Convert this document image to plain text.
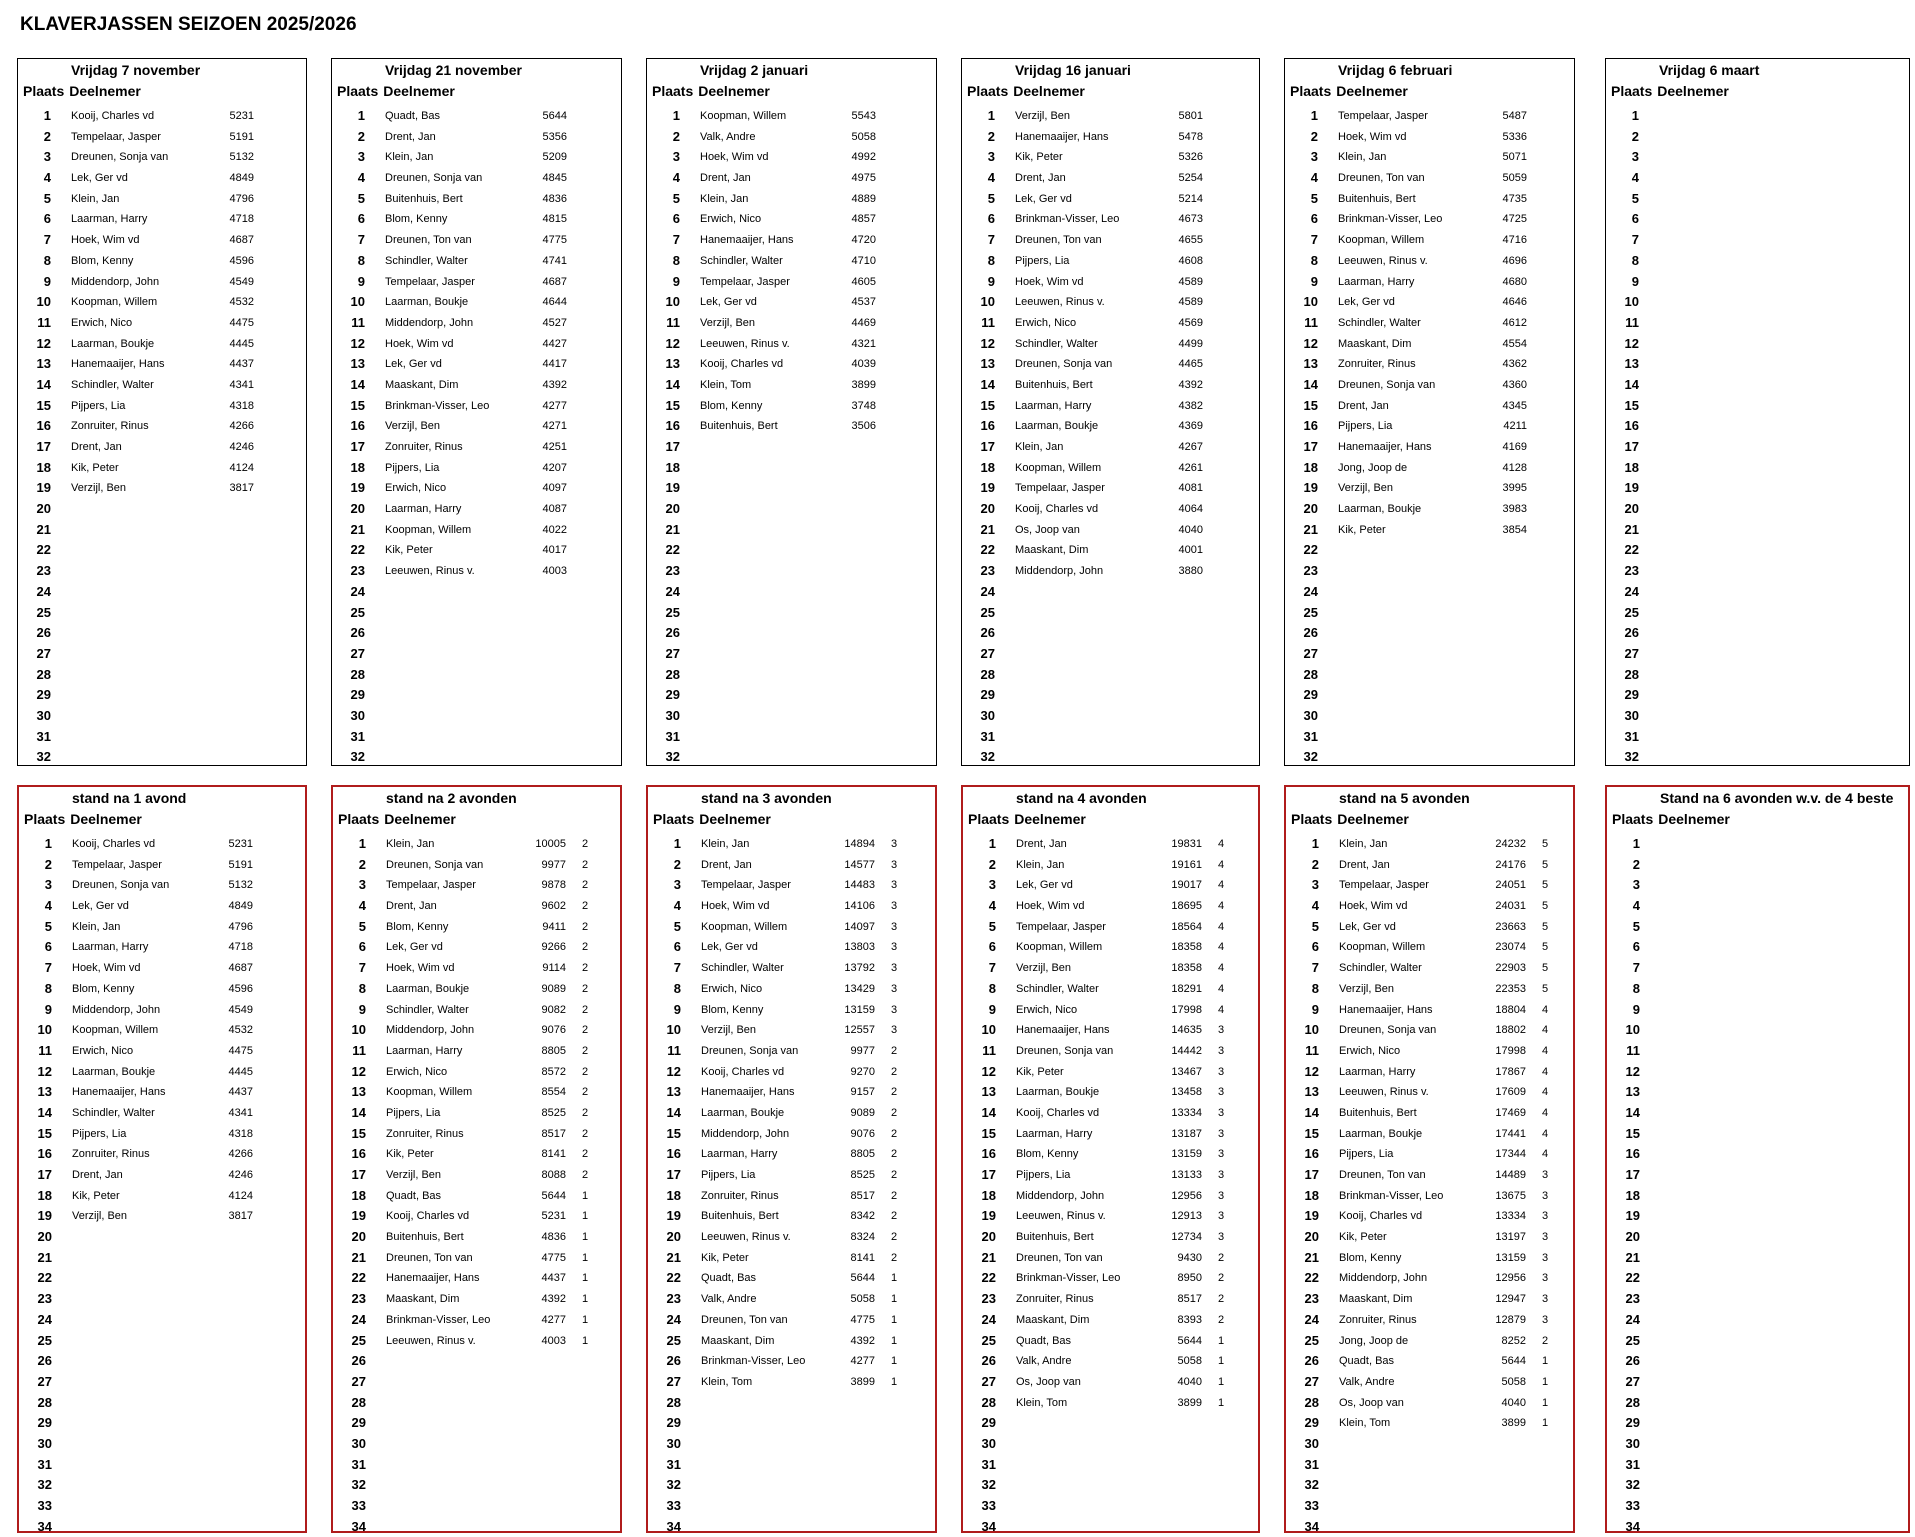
KLAVERJASSEN SEIZOEN 2025/2026
Vrijdag 7 november
Plaats Deelnemer
1 Kooij, Charles vd	5231
2 Tempelaar, Jasper	5191
3 Dreunen, Sonja van	5132
4 Lek, Ger vd	4849
5 Klein, Jan	4796
6 Laarman, Harry	4718
7 Hoek, Wim vd	4687
8 Blom, Kenny	4596
9 Middendorp, John	4549
10 Koopman, Willem	4532
11 Erwich, Nico	4475
12 Laarman, Boukje	4445
13 Hanemaaijer, Hans	4437
14 Schindler, Walter	4341
15 Pijpers, Lia	4318
16 Zonruiter, Rinus	4266
17 Drent, Jan	4246
18 Kik, Peter	4124
19 Verzijl, Ben	3817
20
21
22
23
24
25
26
27
28
29
30
31
32
Vrijdag 21 november
Plaats Deelnemer
1 Quadt, Bas	5644
2 Drent, Jan	5356
3 Klein, Jan	5209
4 Dreunen, Sonja van	4845
5 Buitenhuis, Bert	4836
6 Blom, Kenny	4815
7 Dreunen, Ton van	4775
8 Schindler, Walter	4741
9 Tempelaar, Jasper	4687
10 Laarman, Boukje	4644
11 Middendorp, John	4527
12 Hoek, Wim vd	4427
13 Lek, Ger vd	4417
14 Maaskant, Dim	4392
15 Brinkman-Visser, Leo	4277
16 Verzijl, Ben	4271
17 Zonruiter, Rinus	4251
18 Pijpers, Lia	4207
19 Erwich, Nico	4097
20 Laarman, Harry	4087
21 Koopman, Willem	4022
22 Kik, Peter	4017
23 Leeuwen, Rinus v.	4003
24
25
26
27
28
29
30
31
32
Vrijdag 2 januari
Plaats Deelnemer
1 Koopman, Willem	5543
2 Valk, Andre	5058
3 Hoek, Wim vd	4992
4 Drent, Jan	4975
5 Klein, Jan	4889
6 Erwich, Nico	4857
7 Hanemaaijer, Hans	4720
8 Schindler, Walter	4710
9 Tempelaar, Jasper	4605
10 Lek, Ger vd	4537
11 Verzijl, Ben	4469
12 Leeuwen, Rinus v.	4321
13 Kooij, Charles vd	4039
14 Klein, Tom	3899
15 Blom, Kenny	3748
16 Buitenhuis, Bert	3506
17
18
19
20
21
22
23
24
25
26
27
28
29
30
31
32
Vrijdag 16 januari
Plaats Deelnemer
1 Verzijl, Ben	5801
2 Hanemaaijer, Hans	5478
3 Kik, Peter	5326
4 Drent, Jan	5254
5 Lek, Ger vd	5214
6 Brinkman-Visser, Leo	4673
7 Dreunen, Ton van	4655
8 Pijpers, Lia	4608
9 Hoek, Wim vd	4589
10 Leeuwen, Rinus v.	4589
11 Erwich, Nico	4569
12 Schindler, Walter	4499
13 Dreunen, Sonja van	4465
14 Buitenhuis, Bert	4392
15 Laarman, Harry	4382
16 Laarman, Boukje	4369
17 Klein, Jan	4267
18 Koopman, Willem	4261
19 Tempelaar, Jasper	4081
20 Kooij, Charles vd	4064
21 Os, Joop van	4040
22 Maaskant, Dim	4001
23 Middendorp, John	3880
24
25
26
27
28
29
30
31
32
Vrijdag 6 februari
Plaats Deelnemer
1 Tempelaar, Jasper	5487
2 Hoek, Wim vd	5336
3 Klein, Jan	5071
4 Dreunen, Ton van	5059
5 Buitenhuis, Bert	4735
6 Brinkman-Visser, Leo	4725
7 Koopman, Willem	4716
8 Leeuwen, Rinus v.	4696
9 Laarman, Harry	4680
10 Lek, Ger vd	4646
11 Schindler, Walter	4612
12 Maaskant, Dim	4554
13 Zonruiter, Rinus	4362
14 Dreunen, Sonja van	4360
15 Drent, Jan	4345
16 Pijpers, Lia	4211
17 Hanemaaijer, Hans	4169
18 Jong, Joop de	4128
19 Verzijl, Ben	3995
20 Laarman, Boukje	3983
21 Kik, Peter	3854
22
23
24
25
26
27
28
29
30
31
32
Vrijdag 6 maart
Plaats Deelnemer
1
2
3
4
5
6
7
8
9
10
11
12
13
14
15
16
17
18
19
20
21
22
23
24
25
26
27
28
29
30
31
32
stand na 1 avond
Plaats Deelnemer
1 Kooij, Charles vd	5231
2 Tempelaar, Jasper	5191
3 Dreunen, Sonja van	5132
4 Lek, Ger vd	4849
5 Klein, Jan	4796
6 Laarman, Harry	4718
7 Hoek, Wim vd	4687
8 Blom, Kenny	4596
9 Middendorp, John	4549
10 Koopman, Willem	4532
11 Erwich, Nico	4475
12 Laarman, Boukje	4445
13 Hanemaaijer, Hans	4437
14 Schindler, Walter	4341
15 Pijpers, Lia	4318
16 Zonruiter, Rinus	4266
17 Drent, Jan	4246
18 Kik, Peter	4124
19 Verzijl, Ben	3817
20
21
22
23
24
25
26
27
28
29
30
31
32
33
34
stand na 2 avonden
Plaats Deelnemer
1 Klein, Jan	10005 2
2 Dreunen, Sonja van	9977 2
3 Tempelaar, Jasper	9878 2
4 Drent, Jan	9602 2
5 Blom, Kenny	9411 2
6 Lek, Ger vd	9266 2
7 Hoek, Wim vd	9114 2
8 Laarman, Boukje	9089 2
9 Schindler, Walter	9082 2
10 Middendorp, John	9076 2
11 Laarman, Harry	8805 2
12 Erwich, Nico	8572 2
13 Koopman, Willem	8554 2
14 Pijpers, Lia	8525 2
15 Zonruiter, Rinus	8517 2
16 Kik, Peter	8141 2
17 Verzijl, Ben	8088 2
18 Quadt, Bas	5644 1
19 Kooij, Charles vd	5231 1
20 Buitenhuis, Bert	4836 1
21 Dreunen, Ton van	4775 1
22 Hanemaaijer, Hans	4437 1
23 Maaskant, Dim	4392 1
24 Brinkman-Visser, Leo	4277 1
25 Leeuwen, Rinus v.	4003 1
26
27
28
29
30
31
32
33
34
stand na 3 avonden
Plaats Deelnemer
1 Klein, Jan	14894 3
2 Drent, Jan	14577 3
3 Tempelaar, Jasper	14483 3
4 Hoek, Wim vd	14106 3
5 Koopman, Willem	14097 3
6 Lek, Ger vd	13803 3
7 Schindler, Walter	13792 3
8 Erwich, Nico	13429 3
9 Blom, Kenny	13159 3
10 Verzijl, Ben	12557 3
11 Dreunen, Sonja van	9977 2
12 Kooij, Charles vd	9270 2
13 Hanemaaijer, Hans	9157 2
14 Laarman, Boukje	9089 2
15 Middendorp, John	9076 2
16 Laarman, Harry	8805 2
17 Pijpers, Lia	8525 2
18 Zonruiter, Rinus	8517 2
19 Buitenhuis, Bert	8342 2
20 Leeuwen, Rinus v.	8324 2
21 Kik, Peter	8141 2
22 Quadt, Bas	5644 1
23 Valk, Andre	5058 1
24 Dreunen, Ton van	4775 1
25 Maaskant, Dim	4392 1
26 Brinkman-Visser, Leo	4277 1
27 Klein, Tom	3899 1
28
29
30
31
32
33
34
stand na 4 avonden
Plaats Deelnemer
1 Drent, Jan	19831 4
2 Klein, Jan	19161 4
3 Lek, Ger vd	19017 4
4 Hoek, Wim vd	18695 4
5 Tempelaar, Jasper	18564 4
6 Koopman, Willem	18358 4
7 Verzijl, Ben	18358 4
8 Schindler, Walter	18291 4
9 Erwich, Nico	17998 4
10 Hanemaaijer, Hans	14635 3
11 Dreunen, Sonja van	14442 3
12 Kik, Peter	13467 3
13 Laarman, Boukje	13458 3
14 Kooij, Charles vd	13334 3
15 Laarman, Harry	13187 3
16 Blom, Kenny	13159 3
17 Pijpers, Lia	13133 3
18 Middendorp, John	12956 3
19 Leeuwen, Rinus v.	12913 3
20 Buitenhuis, Bert	12734 3
21 Dreunen, Ton van	9430 2
22 Brinkman-Visser, Leo	8950 2
23 Zonruiter, Rinus	8517 2
24 Maaskant, Dim	8393 2
25 Quadt, Bas	5644 1
26 Valk, Andre	5058 1
27 Os, Joop van	4040 1
28 Klein, Tom	3899 1
29
30
31
32
33
34
stand na 5 avonden
Plaats Deelnemer
1 Klein, Jan	24232 5
2 Drent, Jan	24176 5
3 Tempelaar, Jasper	24051 5
4 Hoek, Wim vd	24031 5
5 Lek, Ger vd	23663 5
6 Koopman, Willem	23074 5
7 Schindler, Walter	22903 5
8 Verzijl, Ben	22353 5
9 Hanemaaijer, Hans	18804 4
10 Dreunen, Sonja van	18802 4
11 Erwich, Nico	17998 4
12 Laarman, Harry	17867 4
13 Leeuwen, Rinus v.	17609 4
14 Buitenhuis, Bert	17469 4
15 Laarman, Boukje	17441 4
16 Pijpers, Lia	17344 4
17 Dreunen, Ton van	14489 3
18 Brinkman-Visser, Leo	13675 3
19 Kooij, Charles vd	13334 3
20 Kik, Peter	13197 3
21 Blom, Kenny	13159 3
22 Middendorp, John	12956 3
23 Maaskant, Dim	12947 3
24 Zonruiter, Rinus	12879 3
25 Jong, Joop de	8252 2
26 Quadt, Bas	5644 1
27 Valk, Andre	5058 1
28 Os, Joop van	4040 1
29 Klein, Tom	3899 1
30
31
32
33
34
Stand na 6 avonden w.v. de 4 beste
Plaats Deelnemer
1
2
3
4
5
6
7
8
9
10
11
12
13
14
15
16
17
18
19
20
21
22
23
24
25
26
27
28
29
30
31
32
33
34
